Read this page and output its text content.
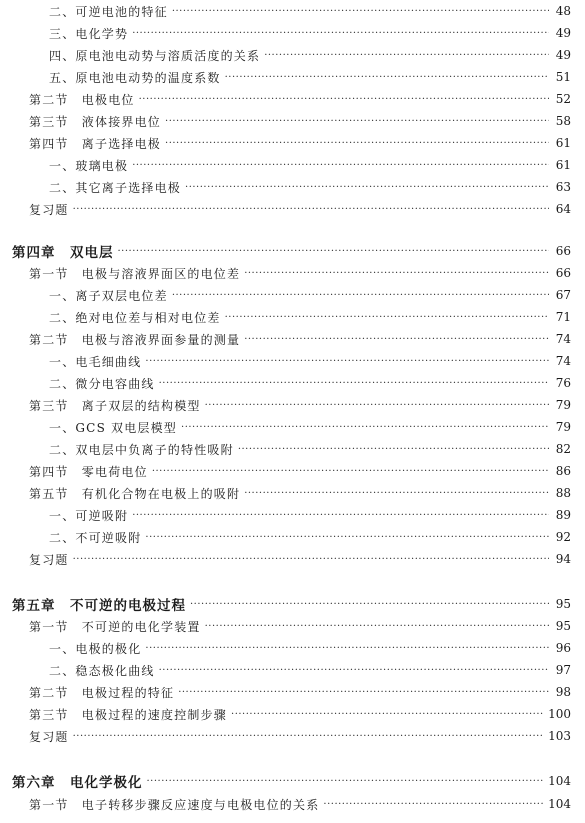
二、可逆电池的特征 ·····	48
三、电化学势 ·····	49
四、原电池电动势与溶质活度的关系 ·····	49
五、原电池电动势的温度系数 ·····	51
第二节　电极电位 ·····	52
第三节　液体接界电位 ·····	58
第四节　离子选择电极 ·····	61
一、玻璃电极 ·····	61
二、其它离子选择电极 ·····	63
复习题 ·····	64
第四章　双电层 ·····	66
第一节　电极与溶液界面区的电位差 ·····	66
一、离子双层电位差 ·····	67
二、绝对电位差与相对电位差 ·····	71
第二节　电极与溶液界面参量的测量 ·····	74
一、电毛细曲线 ·····	74
二、微分电容曲线 ·····	76
第三节　离子双层的结构模型 ·····	79
一、GCS 双电层模型 ·····	79
二、双电层中负离子的特性吸附 ·····	82
第四节　零电荷电位 ·····	86
第五节　有机化合物在电极上的吸附 ·····	88
一、可逆吸附 ·····	89
二、不可逆吸附 ·····	92
复习题 ·····	94
第五章　不可逆的电极过程 ·····	95
第一节　不可逆的电化学装置 ·····	95
一、电极的极化 ·····	96
二、稳态极化曲线 ·····	97
第二节　电极过程的特征 ·····	98
第三节　电极过程的速度控制步骤 ·····	100
复习题 ·····	103
第六章　电化学极化 ·····	104
第一节　电子转移步骤反应速度与电极电位的关系 ·····	104
